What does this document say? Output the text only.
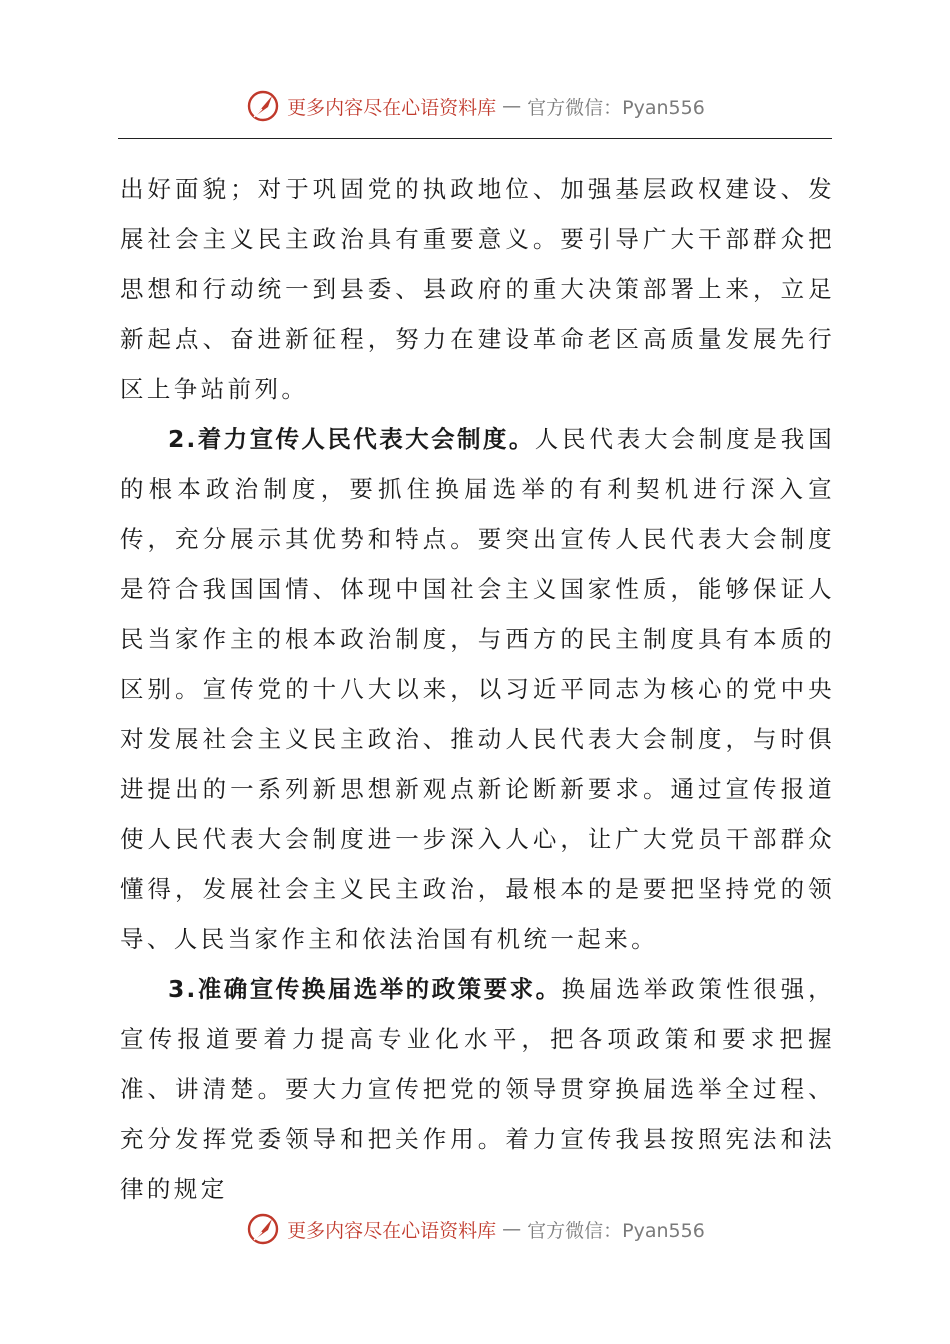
更多内容尽在心语资料库 — 官方微信：Pyan556

出好面貌；对于巩固党的执政地位、加强基层政权建设、发展社会主义民主政治具有重要意义。要引导广大干部群众把思想和行动统一到县委、县政府的重大决策部署上来，立足新起点、奋进新征程，努力在建设革命老区高质量发展先行区上争站前列。

2.着力宣传人民代表大会制度。人民代表大会制度是我国的根本政治制度，要抓住换届选举的有利契机进行深入宣传，充分展示其优势和特点。要突出宣传人民代表大会制度是符合我国国情、体现中国社会主义国家性质，能够保证人民当家作主的根本政治制度，与西方的民主制度具有本质的区别。宣传党的十八大以来，以习近平同志为核心的党中央对发展社会主义民主政治、推动人民代表大会制度，与时俱进提出的一系列新思想新观点新论断新要求。通过宣传报道使人民代表大会制度进一步深入人心，让广大党员干部群众懂得，发展社会主义民主政治，最根本的是要把坚持党的领导、人民当家作主和依法治国有机统一起来。

3.准确宣传换届选举的政策要求。换届选举政策性很强，宣传报道要着力提高专业化水平，把各项政策和要求把握准、讲清楚。要大力宣传把党的领导贯穿换届选举全过程、充分发挥党委领导和把关作用。着力宣传我县按照宪法和法律的规定

更多内容尽在心语资料库 — 官方微信：Pyan556
